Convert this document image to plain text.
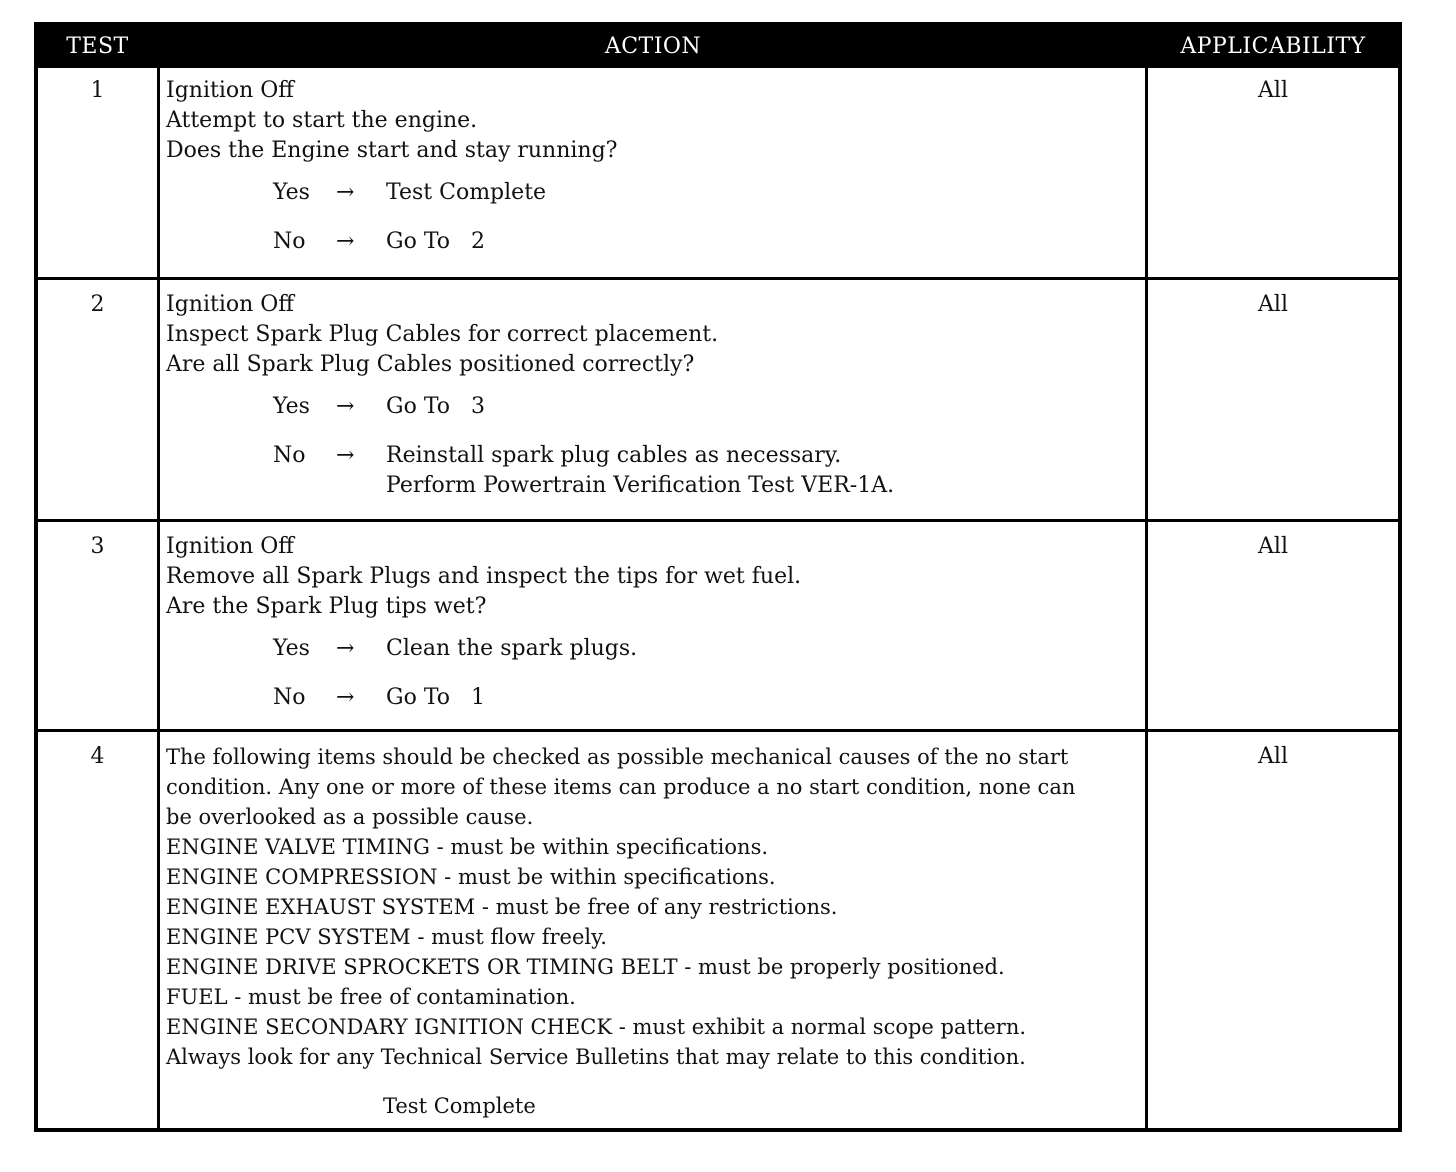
TEST	ACTION	APPLICABILITY
1	Ignition Off
Attempt to start the engine.
Does the Engine start and stay running?
Yes → Test Complete
No → Go To   2
All
2	Ignition Off
Inspect Spark Plug Cables for correct placement.
Are all Spark Plug Cables positioned correctly?
Yes → Go To   3
No → Reinstall spark plug cables as necessary.
Perform Powertrain Verification Test VER-1A.
All
3	Ignition Off
Remove all Spark Plugs and inspect the tips for wet fuel.
Are the Spark Plug tips wet?
Yes → Clean the spark plugs.
No → Go To   1
All
4	The following items should be checked as possible mechanical causes of the no start
condition. Any one or more of these items can produce a no start condition, none can
be overlooked as a possible cause.
ENGINE VALVE TIMING - must be within specifications.
ENGINE COMPRESSION - must be within specifications.
ENGINE EXHAUST SYSTEM - must be free of any restrictions.
ENGINE PCV SYSTEM - must flow freely.
ENGINE DRIVE SPROCKETS OR TIMING BELT - must be properly positioned.
FUEL - must be free of contamination.
ENGINE SECONDARY IGNITION CHECK - must exhibit a normal scope pattern.
Always look for any Technical Service Bulletins that may relate to this condition.
Test Complete
All
